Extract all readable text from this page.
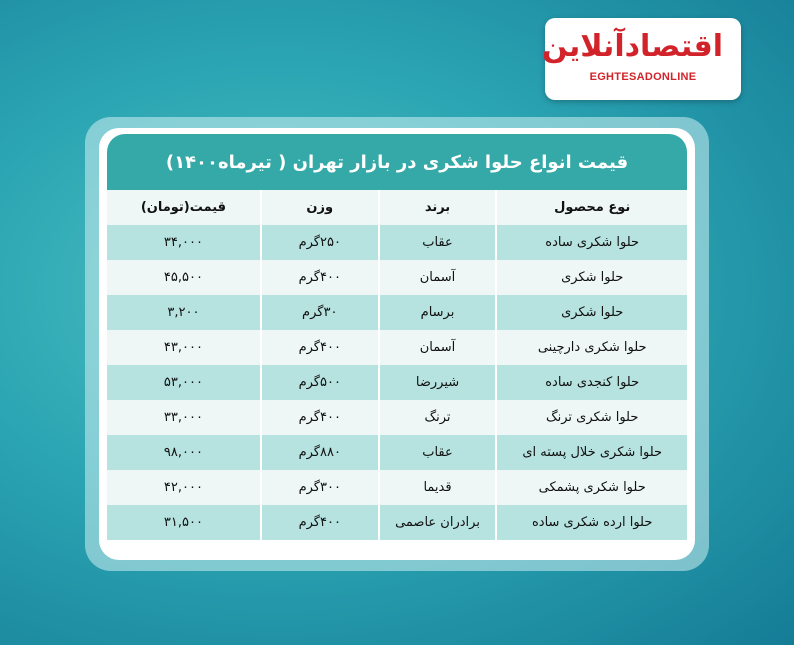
اقتصادآنلاین
EGHTESADONLINE
قیمت انواع حلوا شکری در بازار تهران ( تیرماه۱۴۰۰)
نوع محصول	برند	وزن	قیمت(تومان)
حلوا شکری ساده	عقاب	۲۵۰گرم	۳۴,۰۰۰
حلوا شکری	آسمان	۴۰۰گرم	۴۵,۵۰۰
حلوا شکری	برسام	۳۰گرم	۳,۲۰۰
حلوا شکری دارچینی	آسمان	۴۰۰گرم	۴۳,۰۰۰
حلوا کنجدی ساده	شیررضا	۵۰۰گرم	۵۳,۰۰۰
حلوا شکری ترنگ	ترنگ	۴۰۰گرم	۳۳,۰۰۰
حلوا شکری خلال پسته ای	عقاب	۸۸۰گرم	۹۸,۰۰۰
حلوا شکری پشمکی	قدیما	۳۰۰گرم	۴۲,۰۰۰
حلوا ارده شکری ساده	برادران عاصمی	۴۰۰گرم	۳۱,۵۰۰
